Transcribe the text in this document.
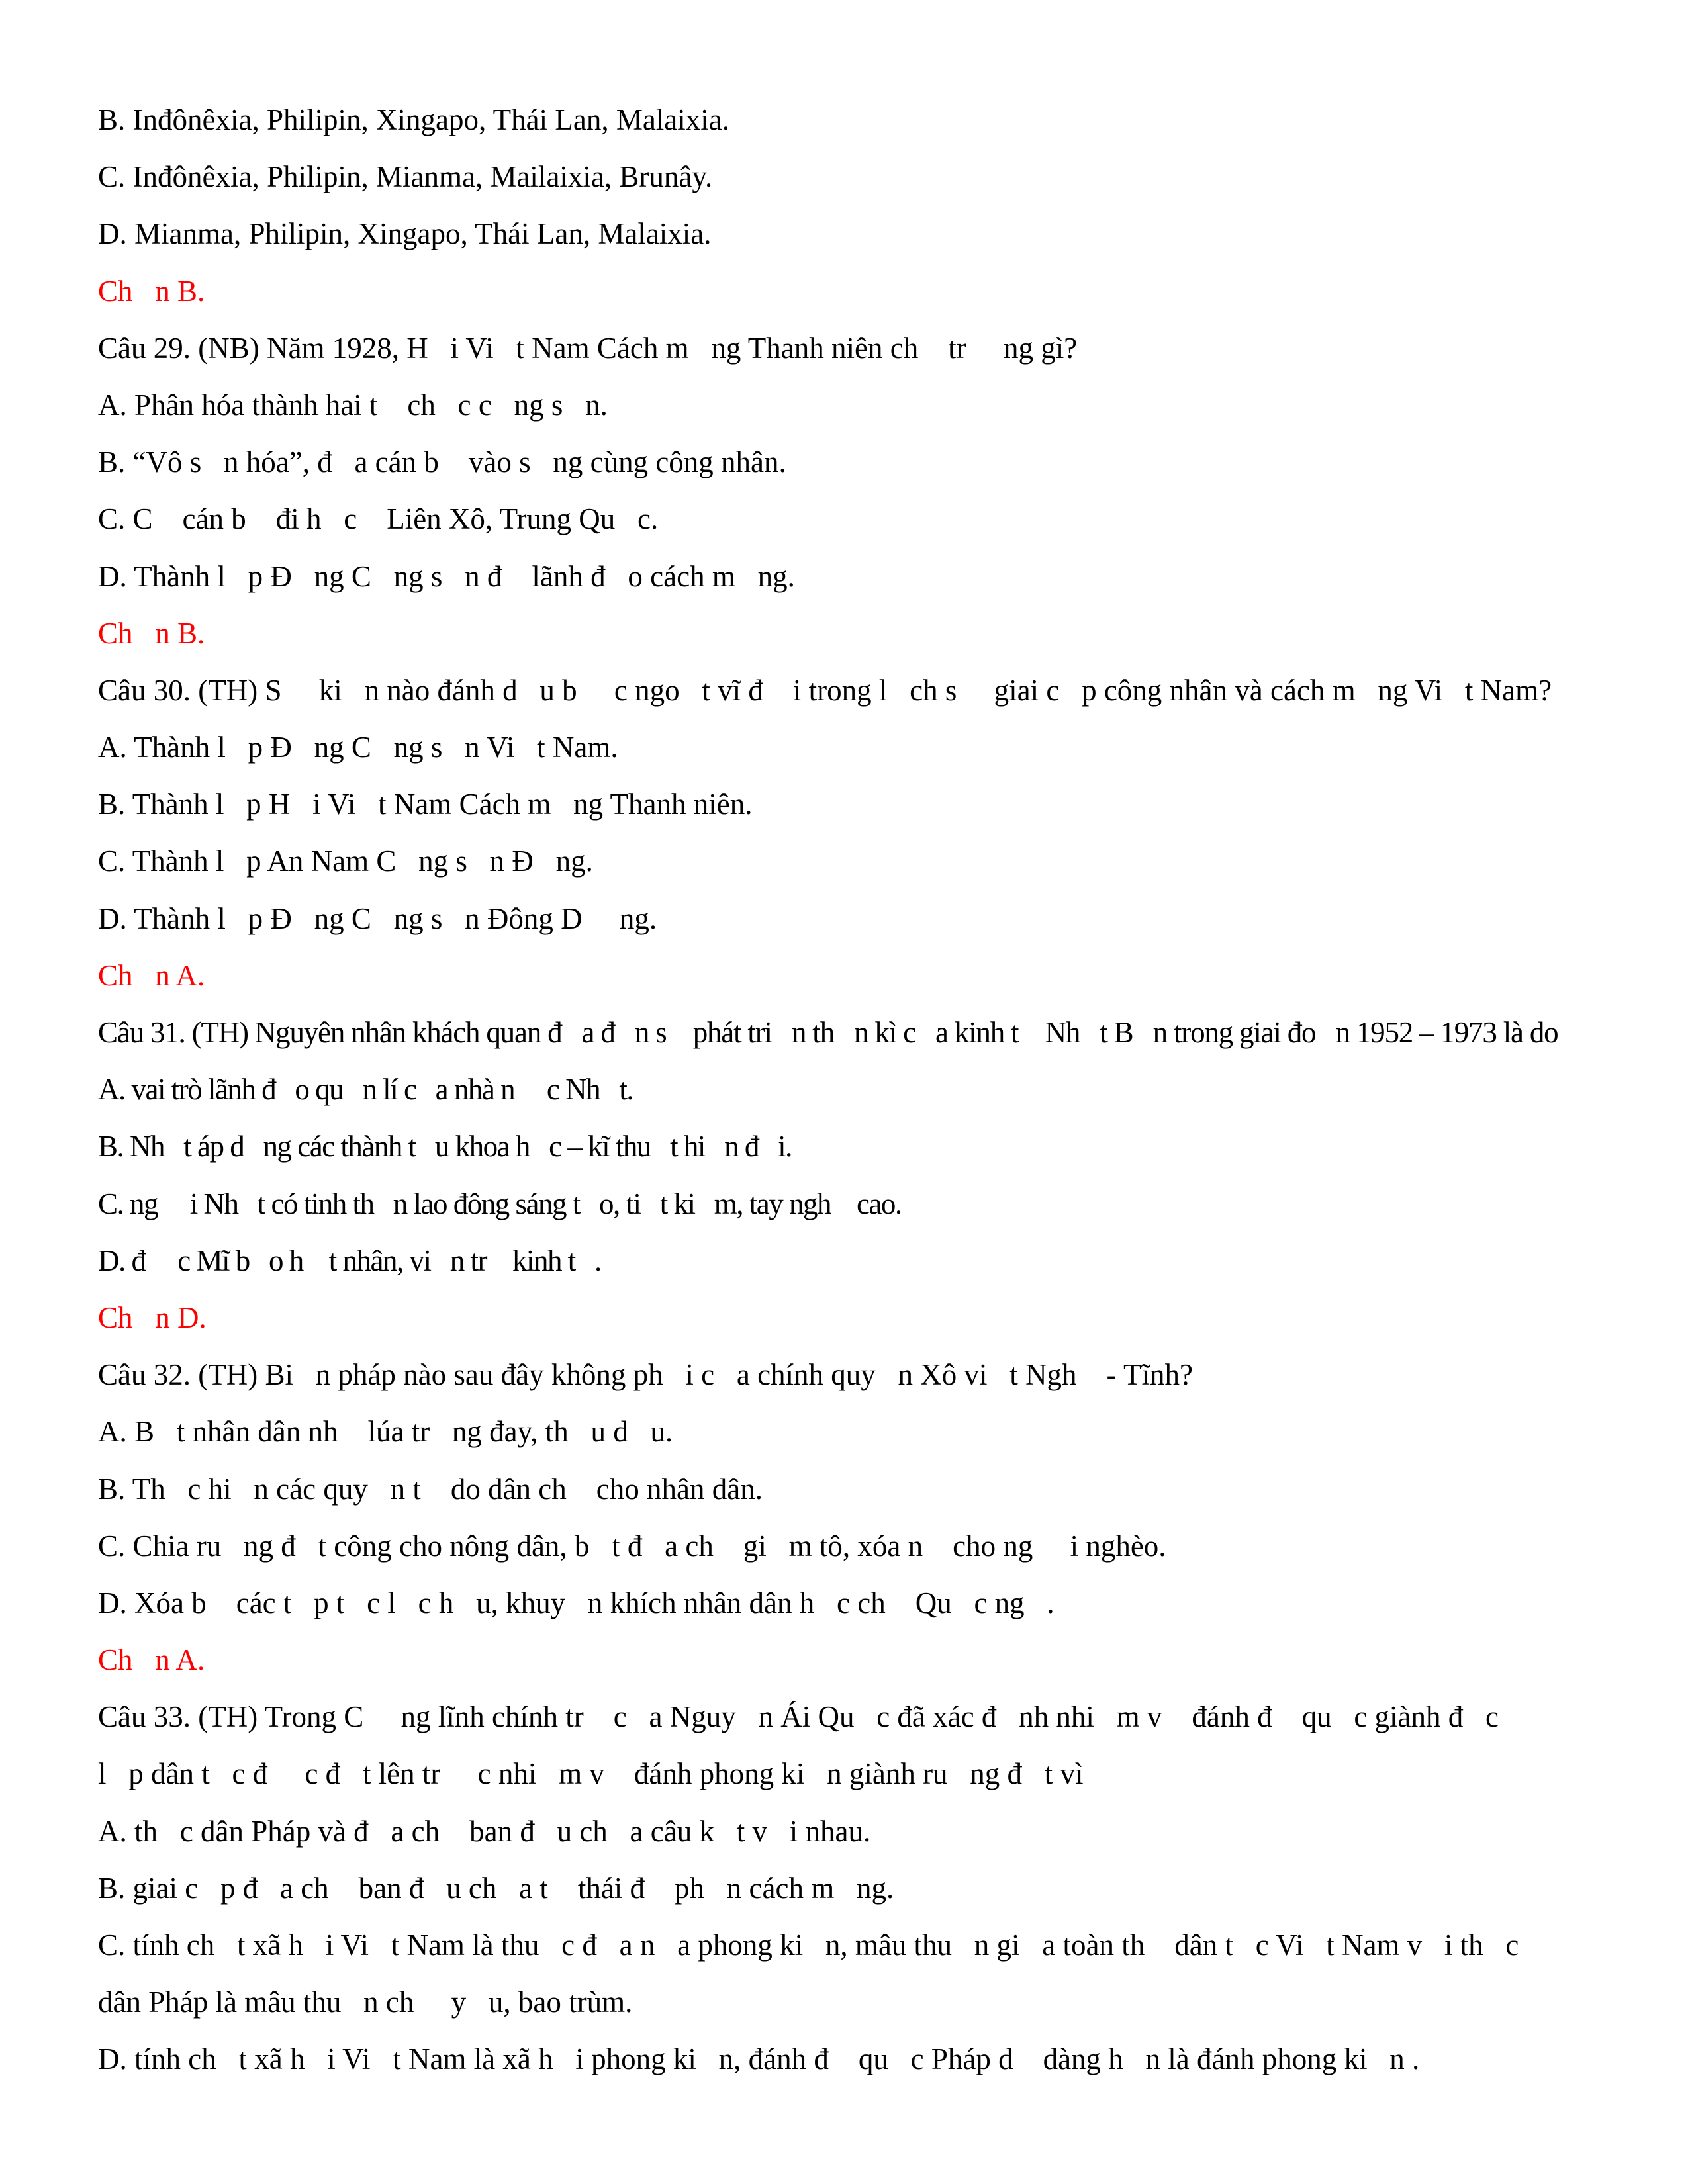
B. Inđônêxia, Philipin, Xingapo, Thái Lan, Malaixia.
C. Inđônêxia, Philipin, Mianma, Mailaixia, Brunây.
D. Mianma, Philipin, Xingapo, Thái Lan, Malaixia.
Ch   n B.
Câu 29. (NB) Năm 1928, H   i Vi   t Nam Cách m   ng Thanh niên ch    tr     ng gì?
A. Phân hóa thành hai t    ch   c c   ng s   n.
B. “Vô s   n hóa”, đ   a cán b    vào s   ng cùng công nhân.
C. C    cán b    đi h   c    Liên Xô, Trung Qu   c.
D. Thành l   p Đ   ng C   ng s   n đ    lãnh đ   o cách m   ng.
Ch   n B.
Câu 30. (TH) S     ki   n nào đánh d   u b     c ngo   t vĩ đ    i trong l   ch s     giai c   p công nhân và cách m   ng Vi   t Nam?
A. Thành l   p Đ   ng C   ng s   n Vi   t Nam.
B. Thành l   p H   i Vi   t Nam Cách m   ng Thanh niên.
C. Thành l   p An Nam C   ng s   n Đ   ng.
D. Thành l   p Đ   ng C   ng s   n Đông D     ng.
Ch   n A.
Câu 31. (TH) Nguyên nhân khách quan đ   a đ   n s    phát tri   n th   n kì c   a kinh t    Nh   t B   n trong giai đo   n 1952 – 1973 là do
A. vai trò lãnh đ   o qu   n lí c   a nhà n     c Nh   t.
B. Nh   t áp d   ng các thành t   u khoa h   c – kĩ thu   t hi   n đ   i.
C. ng     i Nh   t có tinh th   n lao đông sáng t   o, ti   t ki   m, tay ngh    cao.
D. đ     c Mĩ b   o h    t nhân, vi   n tr    kinh t   .
Ch   n D.
Câu 32. (TH) Bi   n pháp nào sau đây không ph   i c   a chính quy   n Xô vi   t Ngh    - Tĩnh?
A. B   t nhân dân nh    lúa tr   ng đay, th   u d   u.
B. Th   c hi   n các quy   n t    do dân ch    cho nhân dân.
C. Chia ru   ng đ   t công cho nông dân, b   t đ   a ch    gi   m tô, xóa n    cho ng     i nghèo.
D. Xóa b    các t   p t   c l   c h   u, khuy   n khích nhân dân h   c ch    Qu   c ng   .
Ch   n A.
Câu 33. (TH) Trong C     ng lĩnh chính tr    c   a Nguy   n Ái Qu   c đã xác đ   nh nhi   m v    đánh đ    qu   c giành đ   c
l   p dân t   c đ     c đ   t lên tr     c nhi   m v    đánh phong ki   n giành ru   ng đ   t vì
A. th   c dân Pháp và đ   a ch    ban đ   u ch   a câu k   t v   i nhau.
B. giai c   p đ   a ch    ban đ   u ch   a t    thái đ    ph   n cách m   ng.
C. tính ch   t xã h   i Vi   t Nam là thu   c đ   a n   a phong ki   n, mâu thu   n gi   a toàn th    dân t   c Vi   t Nam v   i th   c
dân Pháp là mâu thu   n ch     y   u, bao trùm.
D. tính ch   t xã h   i Vi   t Nam là xã h   i phong ki   n, đánh đ    qu   c Pháp d    dàng h   n là đánh phong ki   n .
